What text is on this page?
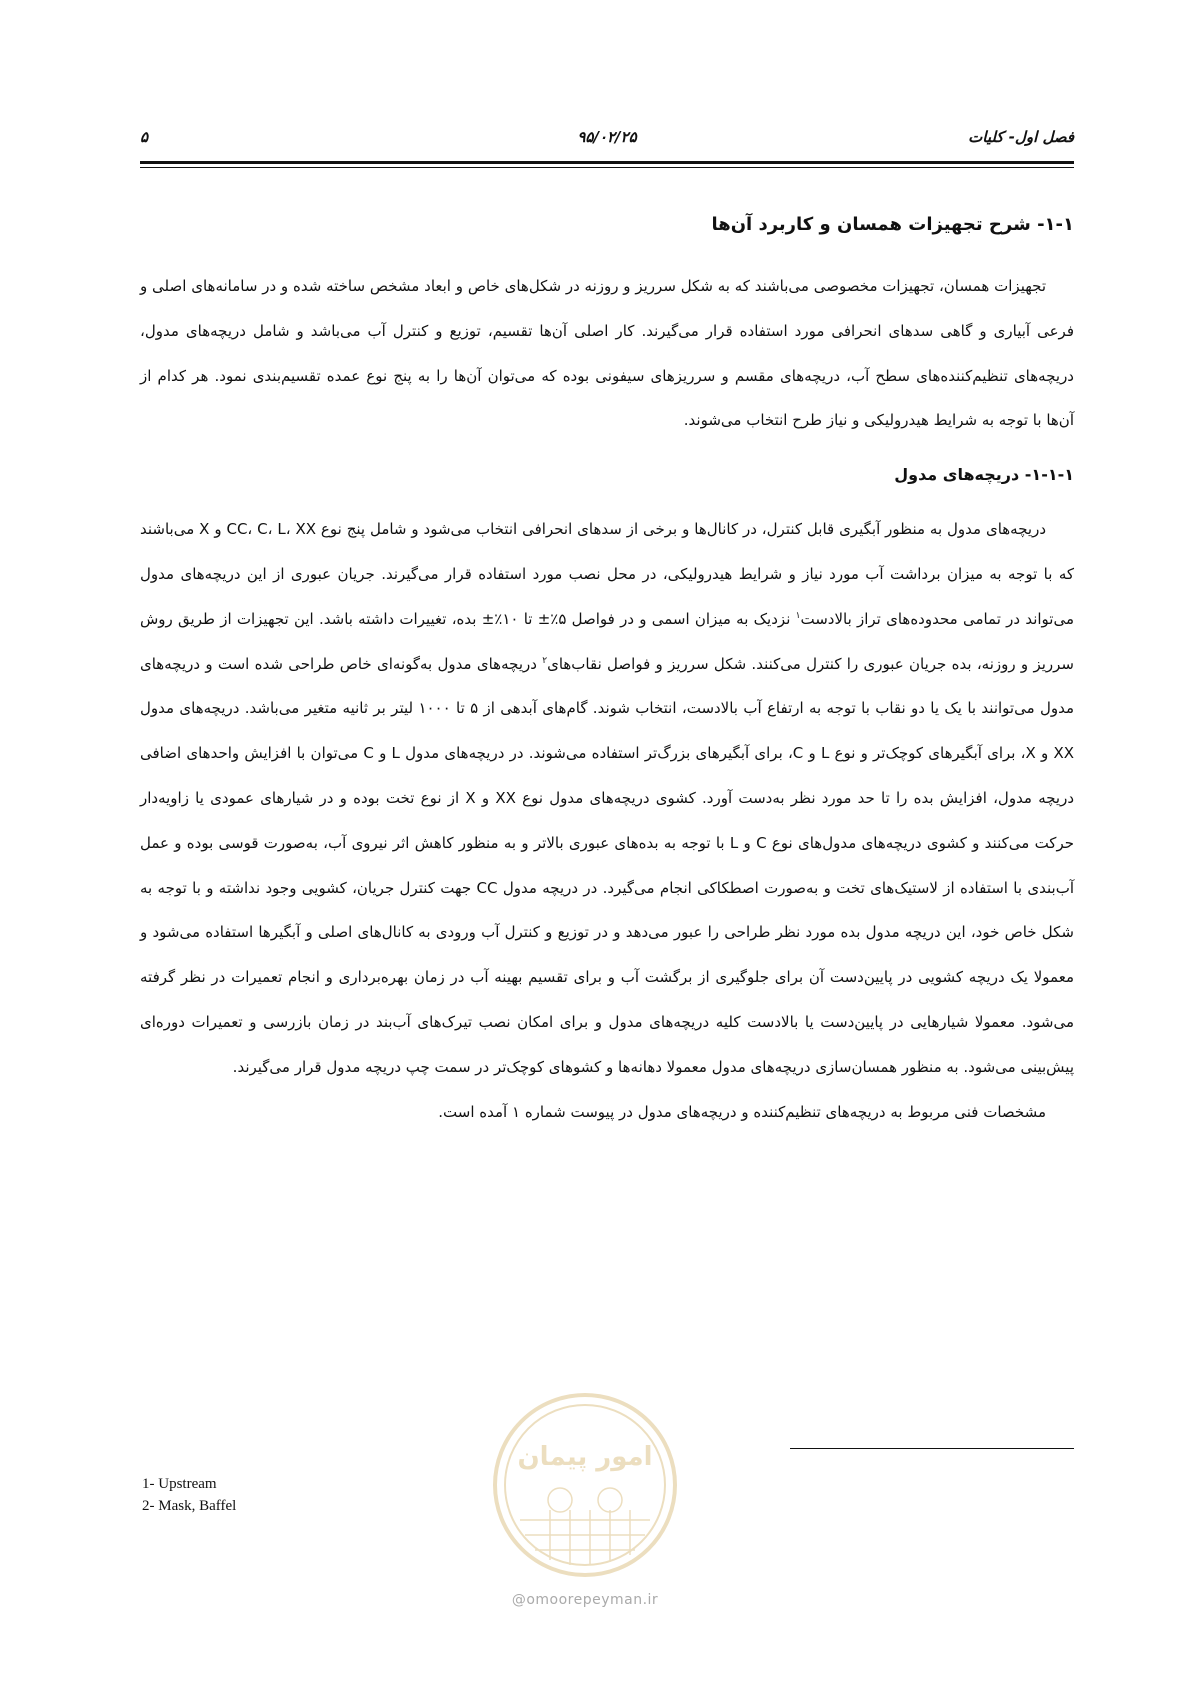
فصل اول- کلیات
۹۵/۰۲/۲۵
۵
۱-۱- شرح تجهیزات همسان و کاربرد آن‌ها

تجهیزات همسان، تجهیزات مخصوصی می‌باشند که به شکل سرریز و روزنه در شکل‌های خاص و ابعاد مشخص ساخته شده و در سامانه‌های اصلی و فرعی آبیاری و گاهی سدهای انحرافی مورد استفاده قرار می‌گیرند. کار اصلی آن‌ها تقسیم، توزیع و کنترل آب می‌باشد و شامل دریچه‌های مدول، دریچه‌های تنظیم‌کننده‌های سطح آب، دریچه‌های مقسم و سرریزهای سیفونی بوده که می‌توان آن‌ها را به پنج نوع عمده تقسیم‌بندی نمود. هر کدام از آن‌ها با توجه به شرایط هیدرولیکی و نیاز طرح انتخاب می‌شوند.

۱-۱-۱- دریچه‌های مدول

دریچه‌های مدول به منظور آبگیری قابل کنترل، در کانال‌ها و برخی از سدهای انحرافی انتخاب می‌شود و شامل پنج نوع CC، C، L، XX و X می‌باشند که با توجه به میزان برداشت آب مورد نیاز و شرایط هیدرولیکی، در محل نصب مورد استفاده قرار می‌گیرند. جریان عبوری از این دریچه‌های مدول می‌تواند در تمامی محدوده‌های تراز بالادست$^۱$ نزدیک به میزان اسمی و در فواصل ۵٪± تا ۱۰٪± بده، تغییرات داشته باشد. این تجهیزات از طریق روش سرریز و روزنه، بده جریان عبوری را کنترل می‌کنند. شکل سرریز و فواصل نقاب‌های$^۲$ دریچه‌های مدول به‌گونه‌ای خاص طراحی شده است و دریچه‌های مدول می‌توانند با یک یا دو نقاب با توجه به ارتفاع آب بالادست، انتخاب شوند. گام‌های آبدهی از ۵ تا ۱۰۰۰ لیتر بر ثانیه متغیر می‌باشد. دریچه‌های مدول XX و X، برای آبگیرهای کوچک‌تر و نوع L و C، برای آبگیرهای بزرگ‌تر استفاده می‌شوند. در دریچه‌های مدول L و C می‌توان با افزایش واحدهای اضافی دریچه مدول، افزایش بده را تا حد مورد نظر به‌دست آورد. کشوی دریچه‌های مدول نوع XX و X از نوع تخت بوده و در شیارهای عمودی یا زاویه‌دار حرکت می‌کنند و کشوی دریچه‌های مدول‌های نوع C و L با توجه به بده‌های عبوری بالاتر و به منظور کاهش اثر نیروی آب، به‌صورت قوسی بوده و عمل آب‌بندی با استفاده از لاستیک‌های تخت و به‌صورت اصطکاکی انجام می‌گیرد. در دریچه مدول CC جهت کنترل جریان، کشویی وجود نداشته و با توجه به شکل خاص خود، این دریچه مدول بده مورد نظر طراحی را عبور می‌دهد و در توزیع و کنترل آب ورودی به کانال‌های اصلی و آبگیرها استفاده می‌شود و معمولا یک دریچه کشویی در پایین‌دست آن برای جلوگیری از برگشت آب و برای تقسیم بهینه آب در زمان بهره‌برداری و انجام تعمیرات در نظر گرفته می‌شود. معمولا شیارهایی در پایین‌دست یا بالادست کلیه دریچه‌های مدول و برای امکان نصب تیرک‌های آب‌بند در زمان بازرسی و تعمیرات دوره‌ای پیش‌بینی می‌شود. به منظور همسان‌سازی دریچه‌های مدول معمولا دهانه‌ها و کشوهای کوچک‌تر در سمت چپ دریچه مدول قرار می‌گیرند.

مشخصات فنی مربوط به دریچه‌های تنظیم‌کننده و دریچه‌های مدول در پیوست شماره ۱ آمده است.

امور پیمان
@omoorepeyman.ir
1- Upstream
2- Mask, Baffel
